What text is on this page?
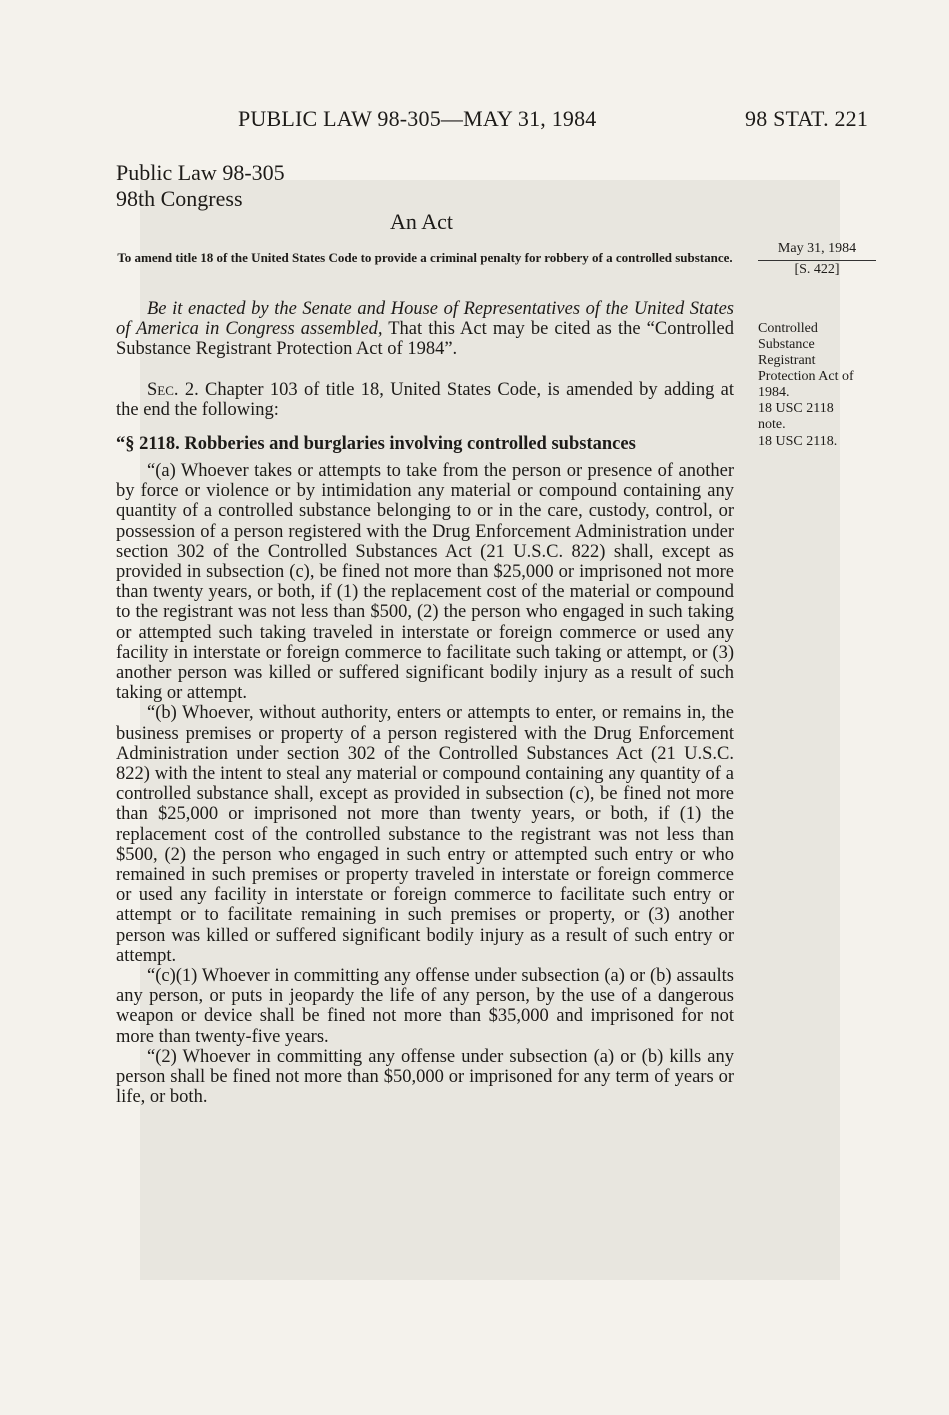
PUBLIC LAW 98-305—MAY 31, 1984	98 STAT. 221
Public Law 98-305
98th Congress
An Act
To amend title 18 of the United States Code to provide a criminal penalty for robbery of a controlled substance.
May 31, 1984
[S. 422]
Controlled
Substance
Registrant
Protection Act of
1984.
18 USC 2118
note.
18 USC 2118.

Be it enacted by the Senate and House of Representatives of the United States of America in Congress assembled, That this Act may be cited as the “Controlled Substance Registrant Protection Act of 1984”.

Sec. 2. Chapter 103 of title 18, United States Code, is amended by adding at the end the following:

“§ 2118. Robberies and burglaries involving controlled substances

“(a) Whoever takes or attempts to take from the person or presence of another by force or violence or by intimidation any material or compound containing any quantity of a controlled substance belonging to or in the care, custody, control, or possession of a person registered with the Drug Enforcement Administration under section 302 of the Controlled Substances Act (21 U.S.C. 822) shall, except as provided in subsection (c), be fined not more than $25,000 or imprisoned not more than twenty years, or both, if (1) the replacement cost of the material or compound to the registrant was not less than $500, (2) the person who engaged in such taking or attempted such taking traveled in interstate or foreign commerce or used any facility in interstate or foreign commerce to facilitate such taking or attempt, or (3) another person was killed or suffered significant bodily injury as a result of such taking or attempt.

“(b) Whoever, without authority, enters or attempts to enter, or remains in, the business premises or property of a person registered with the Drug Enforcement Administration under section 302 of the Controlled Substances Act (21 U.S.C. 822) with the intent to steal any material or compound containing any quantity of a controlled substance shall, except as provided in subsection (c), be fined not more than $25,000 or imprisoned not more than twenty years, or both, if (1) the replacement cost of the controlled substance to the registrant was not less than $500, (2) the person who engaged in such entry or attempted such entry or who remained in such premises or property traveled in interstate or foreign commerce or used any facility in interstate or foreign commerce to facilitate such entry or attempt or to facilitate remaining in such premises or property, or (3) another person was killed or suffered significant bodily injury as a result of such entry or attempt.

“(c)(1) Whoever in committing any offense under subsection (a) or (b) assaults any person, or puts in jeopardy the life of any person, by the use of a dangerous weapon or device shall be fined not more than $35,000 and imprisoned for not more than twenty-five years.

“(2) Whoever in committing any offense under subsection (a) or (b) kills any person shall be fined not more than $50,000 or imprisoned for any term of years or life, or both.
